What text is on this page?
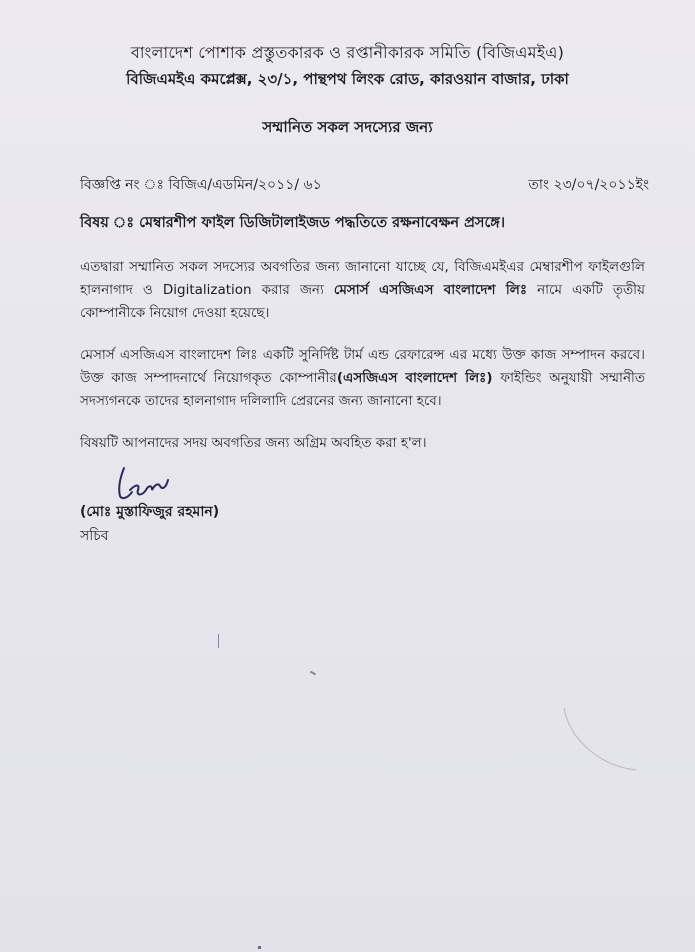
বাংলাদেশ পোশাক প্রস্তুতকারক ও রপ্তানীকারক সমিতি (বিজিএমইএ)
বিজিএমইএ কমপ্লেক্স, ২৩/১, পান্থপথ লিংক রোড, কারওয়ান বাজার, ঢাকা
সম্মানিত সকল সদস্যের জন্য
বিজ্ঞপ্তি নং ঃ বিজিএ/এডমিন/২০১১/ ৬১	তাং ২৩/০৭/২০১১ইং
বিষয় ঃ মেম্বারশীপ ফাইল ডিজিটালাইজড পদ্ধতিতে রক্ষনাবেক্ষন প্রসঙ্গে।
এতদ্বারা সম্মানিত সকল সদস্যের অবগতির জন্য জানানো যাচ্ছে যে, বিজিএমইএর মেম্বারশীপ ফাইলগুলি হালনাগাদ ও Digitalization করার জন্য মেসার্স এসজিএস বাংলাদেশ লিঃ নামে একটি তৃতীয় কোম্পানীকে নিয়োগ দেওয়া হয়েছে।
মেসার্স এসজিএস বাংলাদেশ লিঃ একটি সুনির্দিষ্ট টার্ম এন্ড রেফারেন্স এর মধ্যে উক্ত কাজ সম্পাদন করবে। উক্ত কাজ সম্পাদনার্থে নিয়োগকৃত কোম্পানীর(এসজিএস বাংলাদেশ লিঃ) ফাইন্ডিং অনুযায়ী সম্মানীত সদস্যগনকে তাদের হালনাগাদ দলিলাদি প্রেরনের জন্য জানানো হবে।
বিষয়টি আপনাদের সদয় অবগতির জন্য অগ্রিম অবহিত করা হ'ল।
(মোঃ মুস্তাফিজুর রহমান)
সচিব
